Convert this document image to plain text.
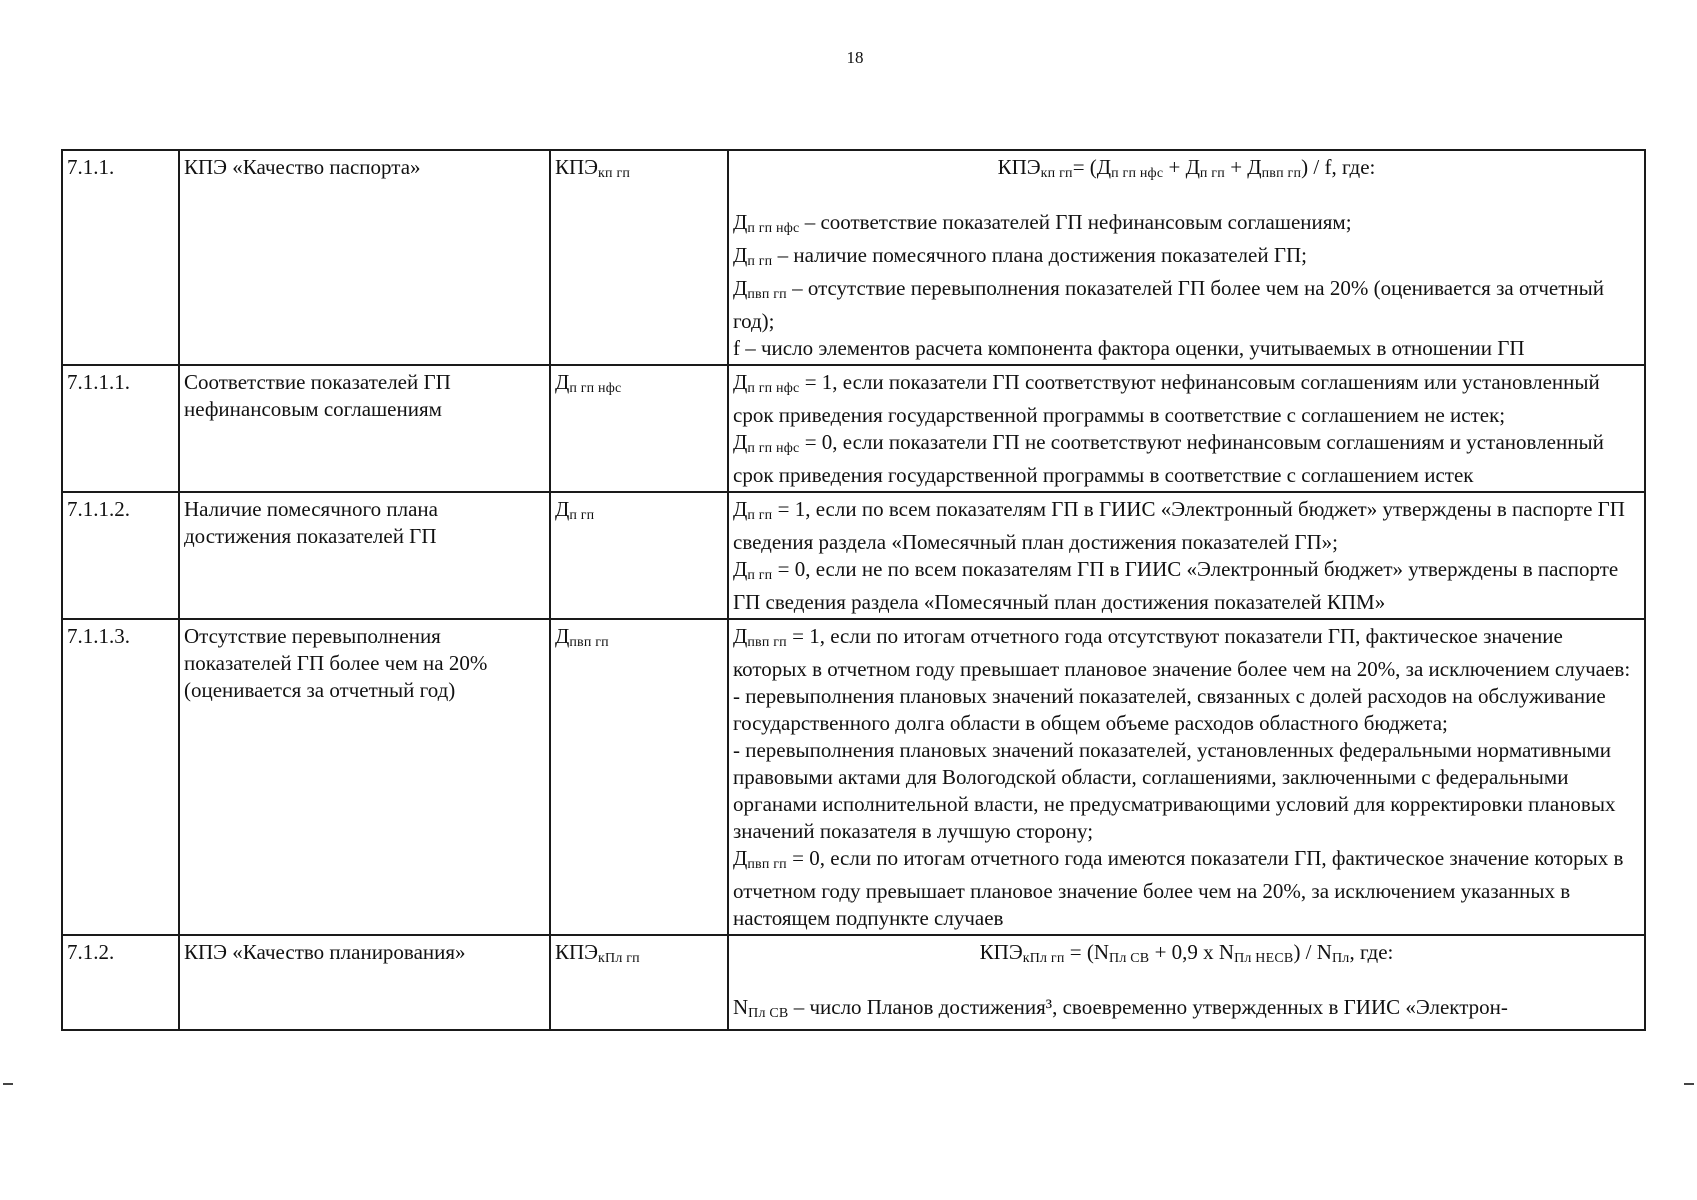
18
7.1.1.	КПЭ «Качество паспорта»	$КПЭ_{кп гп}$	$КПЭ_{кп гп}= (Д_{п гп нфс} + Д_{п гп} + Д_{пвп гп}) / f$, где:
$Д_{п гп нфс}$ – соответствие показателей ГП нефинансовым соглашениям;
$Д_{п гп}$ – наличие помесячного плана достижения показателей ГП;
$Д_{пвп гп}$ – отсутствие перевыполнения показателей ГП более чем на 20% (оценивается за отчетный год);
f – число элементов расчета компонента фактора оценки, учитываемых в отношении ГП

7.1.1.1.	Соответствие показателей ГП нефинансовым соглашениям	$Д_{п гп нфс}$	$Д_{п гп нфс} = 1$, если показатели ГП соответствуют нефинансовым соглашениям или установленный срок приведения государственной программы в соответствие с соглашением не истек;
$Д_{п гп нфс} = 0$, если показатели ГП не соответствуют нефинансовым соглашениям и установленный срок приведения государственной программы в соответствие с соглашением истек

7.1.1.2.	Наличие помесячного плана достижения показателей ГП	$Д_{п гп}$	$Д_{п гп} = 1$, если по всем показателям ГП в ГИИС «Электронный бюджет» утверждены в паспорте ГП сведения раздела «Помесячный план достижения показателей ГП»;
$Д_{п гп} = 0$, если не по всем показателям ГП в ГИИС «Электронный бюджет» утверждены в паспорте ГП сведения раздела «Помесячный план достижения показателей КПМ»

7.1.1.3.	Отсутствие перевыполнения показателей ГП более чем на 20% (оценивается за отчетный год)	$Д_{пвп гп}$	$Д_{пвп гп} = 1$, если по итогам отчетного года отсутствуют показатели ГП, фактическое значение которых в отчетном году превышает плановое значение более чем на 20%, за исключением случаев:
- перевыполнения плановых значений показателей, связанных с долей расходов на обслуживание государственного долга области в общем объеме расходов областного бюджета;
- перевыполнения плановых значений показателей, установленных федеральными нормативными правовыми актами для Вологодской области, соглашениями, заключенными с федеральными органами исполнительной власти, не предусматривающими условий для корректировки плановых значений показателя в лучшую сторону;
$Д_{пвп гп} = 0$, если по итогам отчетного года имеются показатели ГП, фактическое значение которых в отчетном году превышает плановое значение более чем на 20%, за исключением указанных в настоящем подпункте случаев

7.1.2.	КПЭ «Качество планирования»	$КПЭ_{кПл гп}$	$КПЭ_{кПл гп} = (N_{Пл СВ} + 0,9$ x $N_{Пл НЕСВ}) / N_{Пл}$, где:
$N_{Пл СВ}$ – число Планов достижения³, своевременно утвержденных в ГИИС «Электрон-
